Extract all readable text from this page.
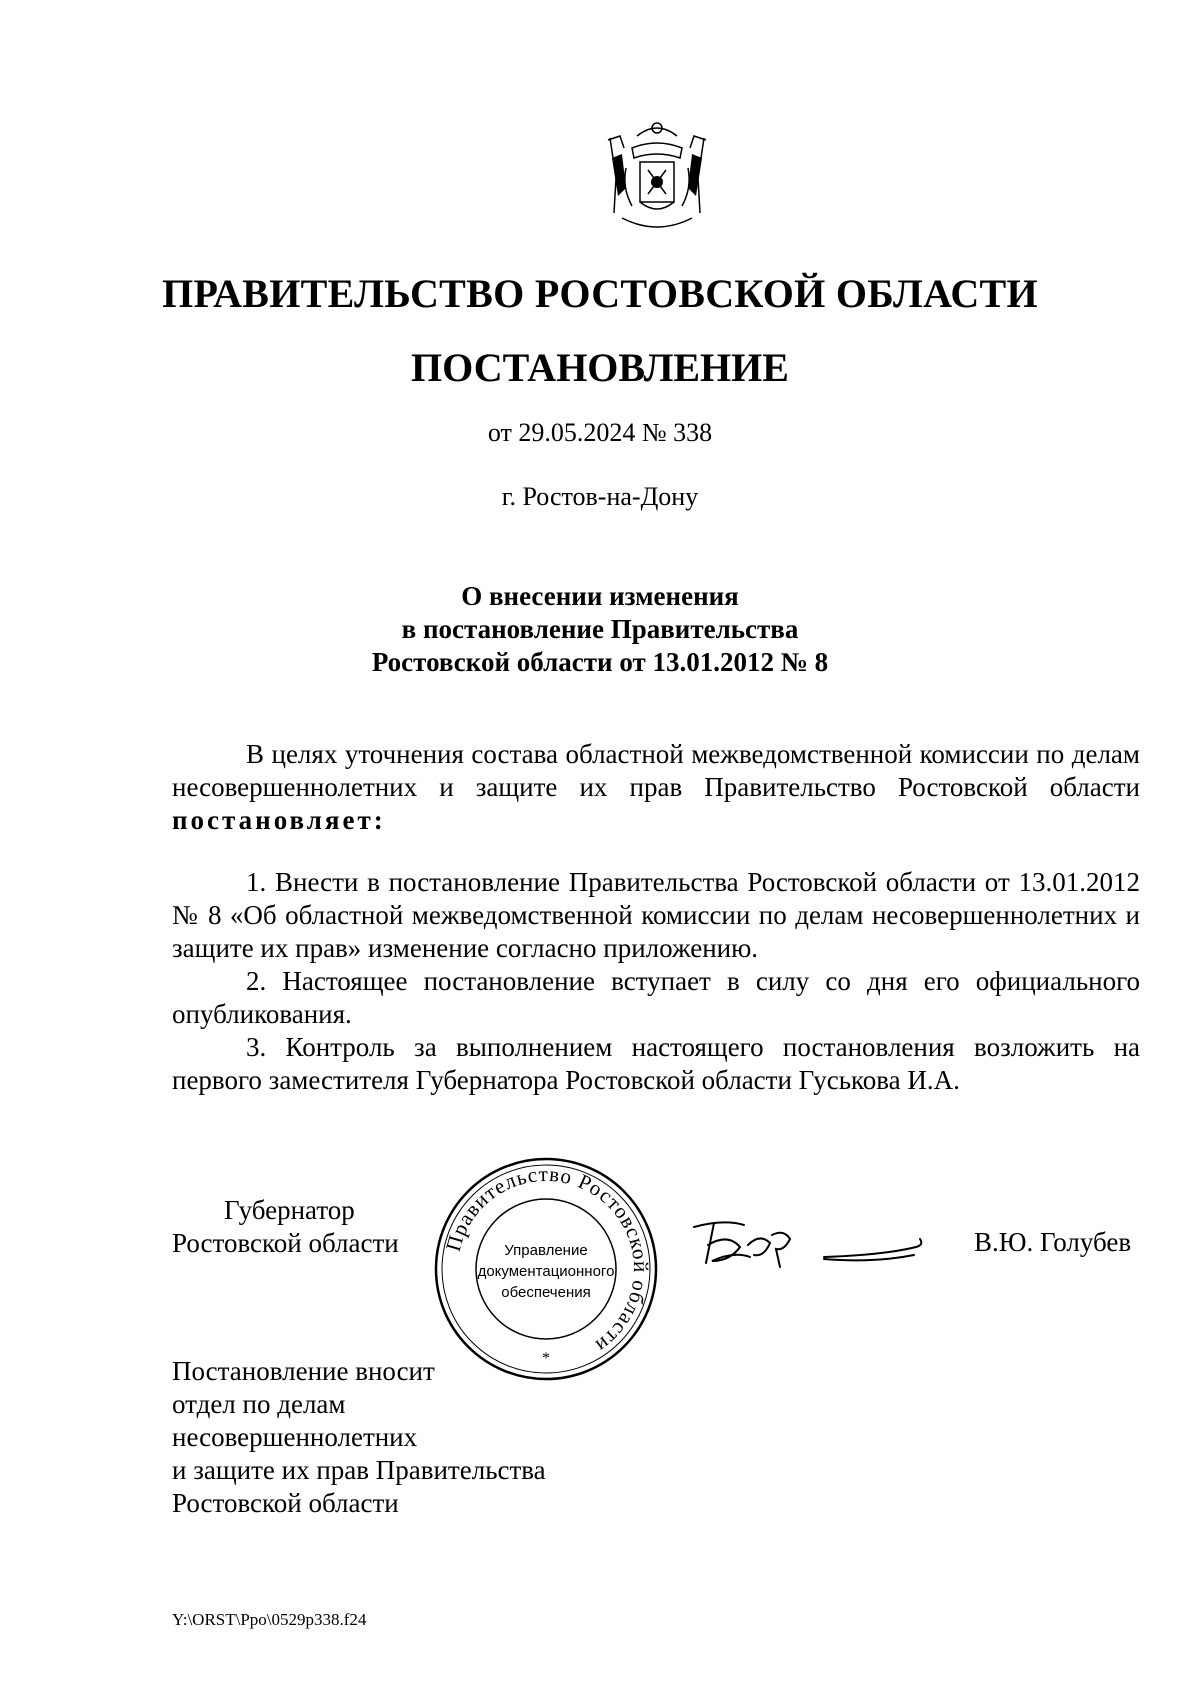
ПРАВИТЕЛЬСТВО РОСТОВСКОЙ ОБЛАСТИ
ПОСТАНОВЛЕНИЕ
от 29.05.2024 № 338
г. Ростов-на-Дону
О внесении изменения
в постановление Правительства
Ростовской области от 13.01.2012 № 8
В целях уточнения состава областной межведомственной комиссии по делам несовершеннолетних и защите их прав Правительство Ростовской области постановляет:
1. Внести в постановление Правительства Ростовской области от 13.01.2012 № 8 «Об областной межведомственной комиссии по делам несовершеннолетних и защите их прав» изменение согласно приложению.
2. Настоящее постановление вступает в силу со дня его официального опубликования.
3. Контроль за выполнением настоящего постановления возложить на первого заместителя Губернатора Ростовской области Гуськова И.А.
Губернатор
Ростовской области Правительство Ростовской области
Управление
документационного
обеспечения
*
В.Ю. Голубев
Постановление вносит
отдел по делам
несовершеннолетних
и защите их прав Правительства
Ростовской области
Y:\ORST\Ppo\0529p338.f24
